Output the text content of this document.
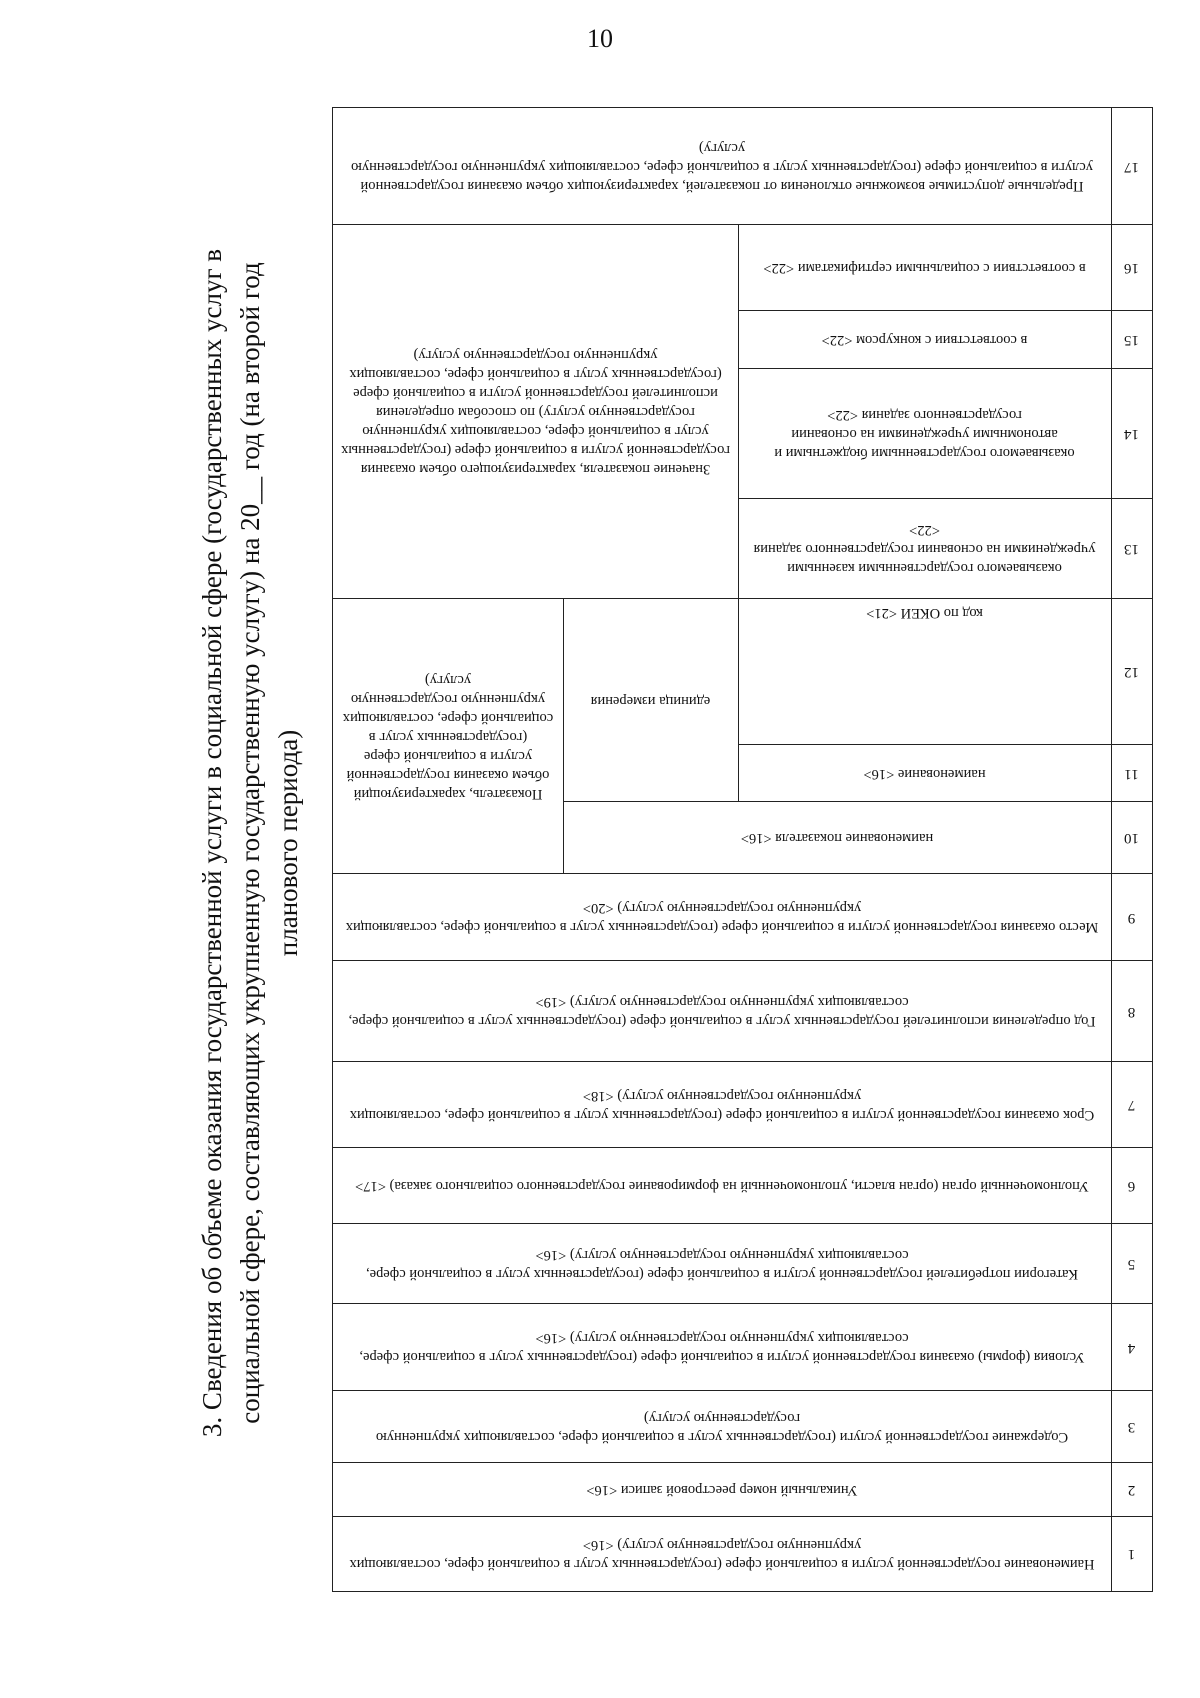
10
3. Сведения об объеме оказания государственной услуги в социальной сфере (государственных услуг в социальной сфере, составляющих укрупненную государственную услугу) на 20__ год (на второй год планового периода)
17
16
15
14
13
12
11
10
9
8
7
6
5
4
3
2
1
Предельные допустимые возможные отклонения от показателей, характеризующих объем оказания государственной услуги в социальной сфере (государственных услуг в социальной сфере, составляющих укрупненную государственную услугу)
в соответствии с социальными сертификатами <22>
в соответствии с конкурсом <22>
оказываемого государственными бюджетными и автономными учреждениями на основании государственного задания <22>
оказываемого государственными казенными учреждениями на основании государственного задания <22>
Значение показателя, характеризующего объем оказания государственной услуги в социальной сфере (государственных услуг в социальной сфере, составляющих укрупненную государственную услугу) по способам определения исполнителей государственной услуги в социальной сфере (государственных услуг в социальной сфере, составляющих укрупненную государственную услугу)
код по ОКЕИ <21>
наименование <16>
единица измерения
наименование показателя <16>
Показатель, характеризующий объем оказания государственной услуги в социальной сфере (государственных услуг в социальной сфере, составляющих укрупненную государственную услугу)
Место оказания государственной услуги в социальной сфере (государственных услуг в социальной сфере, составляющих укрупненную государственную услугу) <20>
Год определения исполнителей государственных услуг в социальной сфере (государственных услуг в социальной сфере, составляющих укрупненную государственную услугу) <19>
Срок оказания государственной услуги в социальной сфере (государственных услуг в социальной сфере, составляющих укрупненную государственную услугу) <18>
Уполномоченный орган (орган власти, уполномоченный на формирование государственного социального заказа) <17>
Категории потребителей государственной услуги в социальной сфере (государственных услуг в социальной сфере, составляющих укрупненную государственную услугу) <16>
Условия (формы) оказания государственной услуги в социальной сфере (государственных услуг в социальной сфере, составляющих укрупненную государственную услугу) <16>
Содержание государственной услуги (государственных услуг в социальной сфере, составляющих укрупненную государственную услугу)
Уникальный номер реестровой записи <16>
Наименование государственной услуги в социальной сфере (государственных услуг в социальной сфере, составляющих укрупненную государственную услугу) <16>
